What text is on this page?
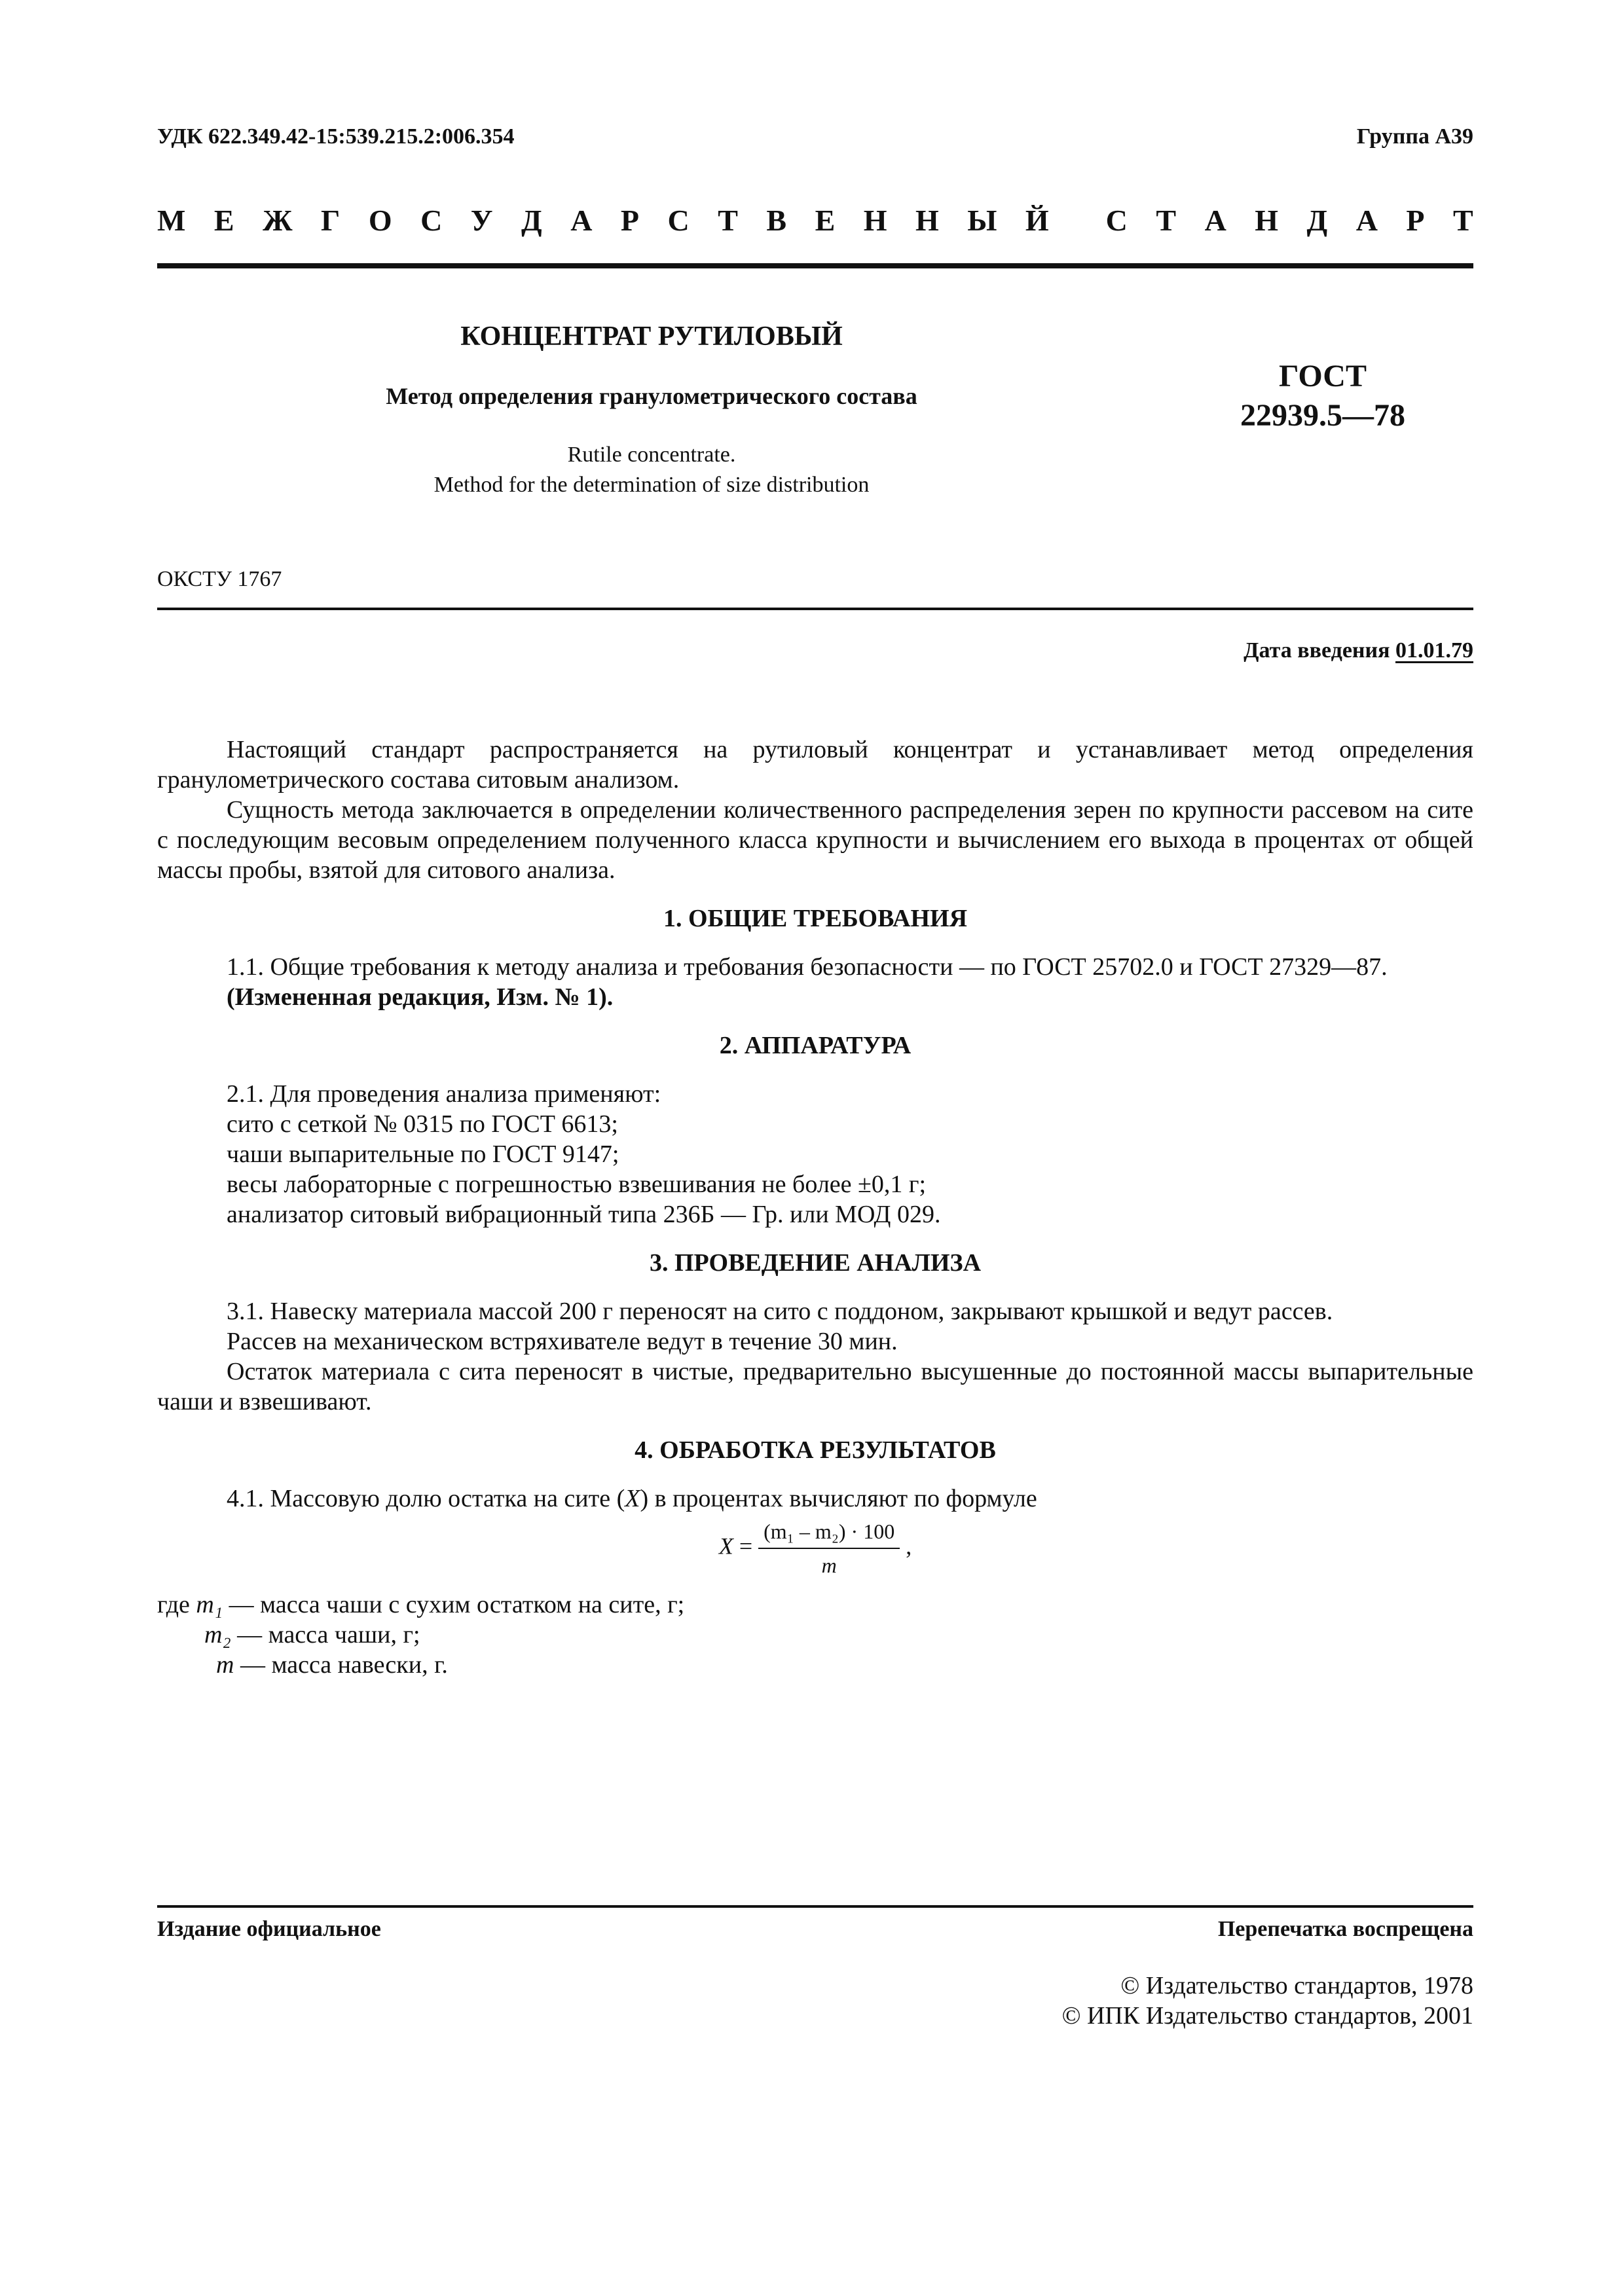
УДК 622.349.42-15:539.215.2:006.354	Группа А39
М Е Ж Г О С У Д А Р С Т В Е Н Н Ы Й С Т А Н Д А Р Т
КОНЦЕНТРАТ РУТИЛОВЫЙ
Метод определения гранулометрического состава
Rutile concentrate.
Method for the determination of size distribution
ГОСТ
22939.5—78
ОКСТУ 1767
Дата введения 01.01.79

Настоящий стандарт распространяется на рутиловый концентрат и устанавливает метод определения гранулометрического состава ситовым анализом.

Сущность метода заключается в определении количественного распределения зерен по крупности рассевом на сите с последующим весовым определением полученного класса крупности и вычислением его выхода в процентах от общей массы пробы, взятой для ситового анализа.

1. ОБЩИЕ ТРЕБОВАНИЯ

1.1. Общие требования к методу анализа и требования безопасности — по ГОСТ 25702.0 и ГОСТ 27329—87.

(Измененная редакция, Изм. № 1).

2. АППАРАТУРА

2.1. Для проведения анализа применяют:

сито с сеткой № 0315 по ГОСТ 6613;

чаши выпарительные по ГОСТ 9147;

весы лабораторные с погрешностью взвешивания не более ±0,1 г;

анализатор ситовый вибрационный типа 236Б — Гр. или МОД 029.

3. ПРОВЕДЕНИЕ АНАЛИЗА

3.1. Навеску материала массой 200 г переносят на сито с поддоном, закрывают крышкой и ведут рассев.

Рассев на механическом встряхивателе ведут в течение 30 мин.

Остаток материала с сита переносят в чистые, предварительно высушенные до постоянной массы выпарительные чаши и взвешивают.

4. ОБРАБОТКА РЕЗУЛЬТАТОВ

4.1. Массовую долю остатка на сите (X) в процентах вычисляют по формуле

$X = \frac{\text{(m₁ – m₂) · 100}}{m}$ ,
где m₁ — масса чаши с сухим остатком на сите, г;
m₂ — масса чаши, г;
m — масса навески, г.
Издание официальное	Перепечатка воспрещена
© Издательство стандартов, 1978
© ИПК Издательство стандартов, 2001
